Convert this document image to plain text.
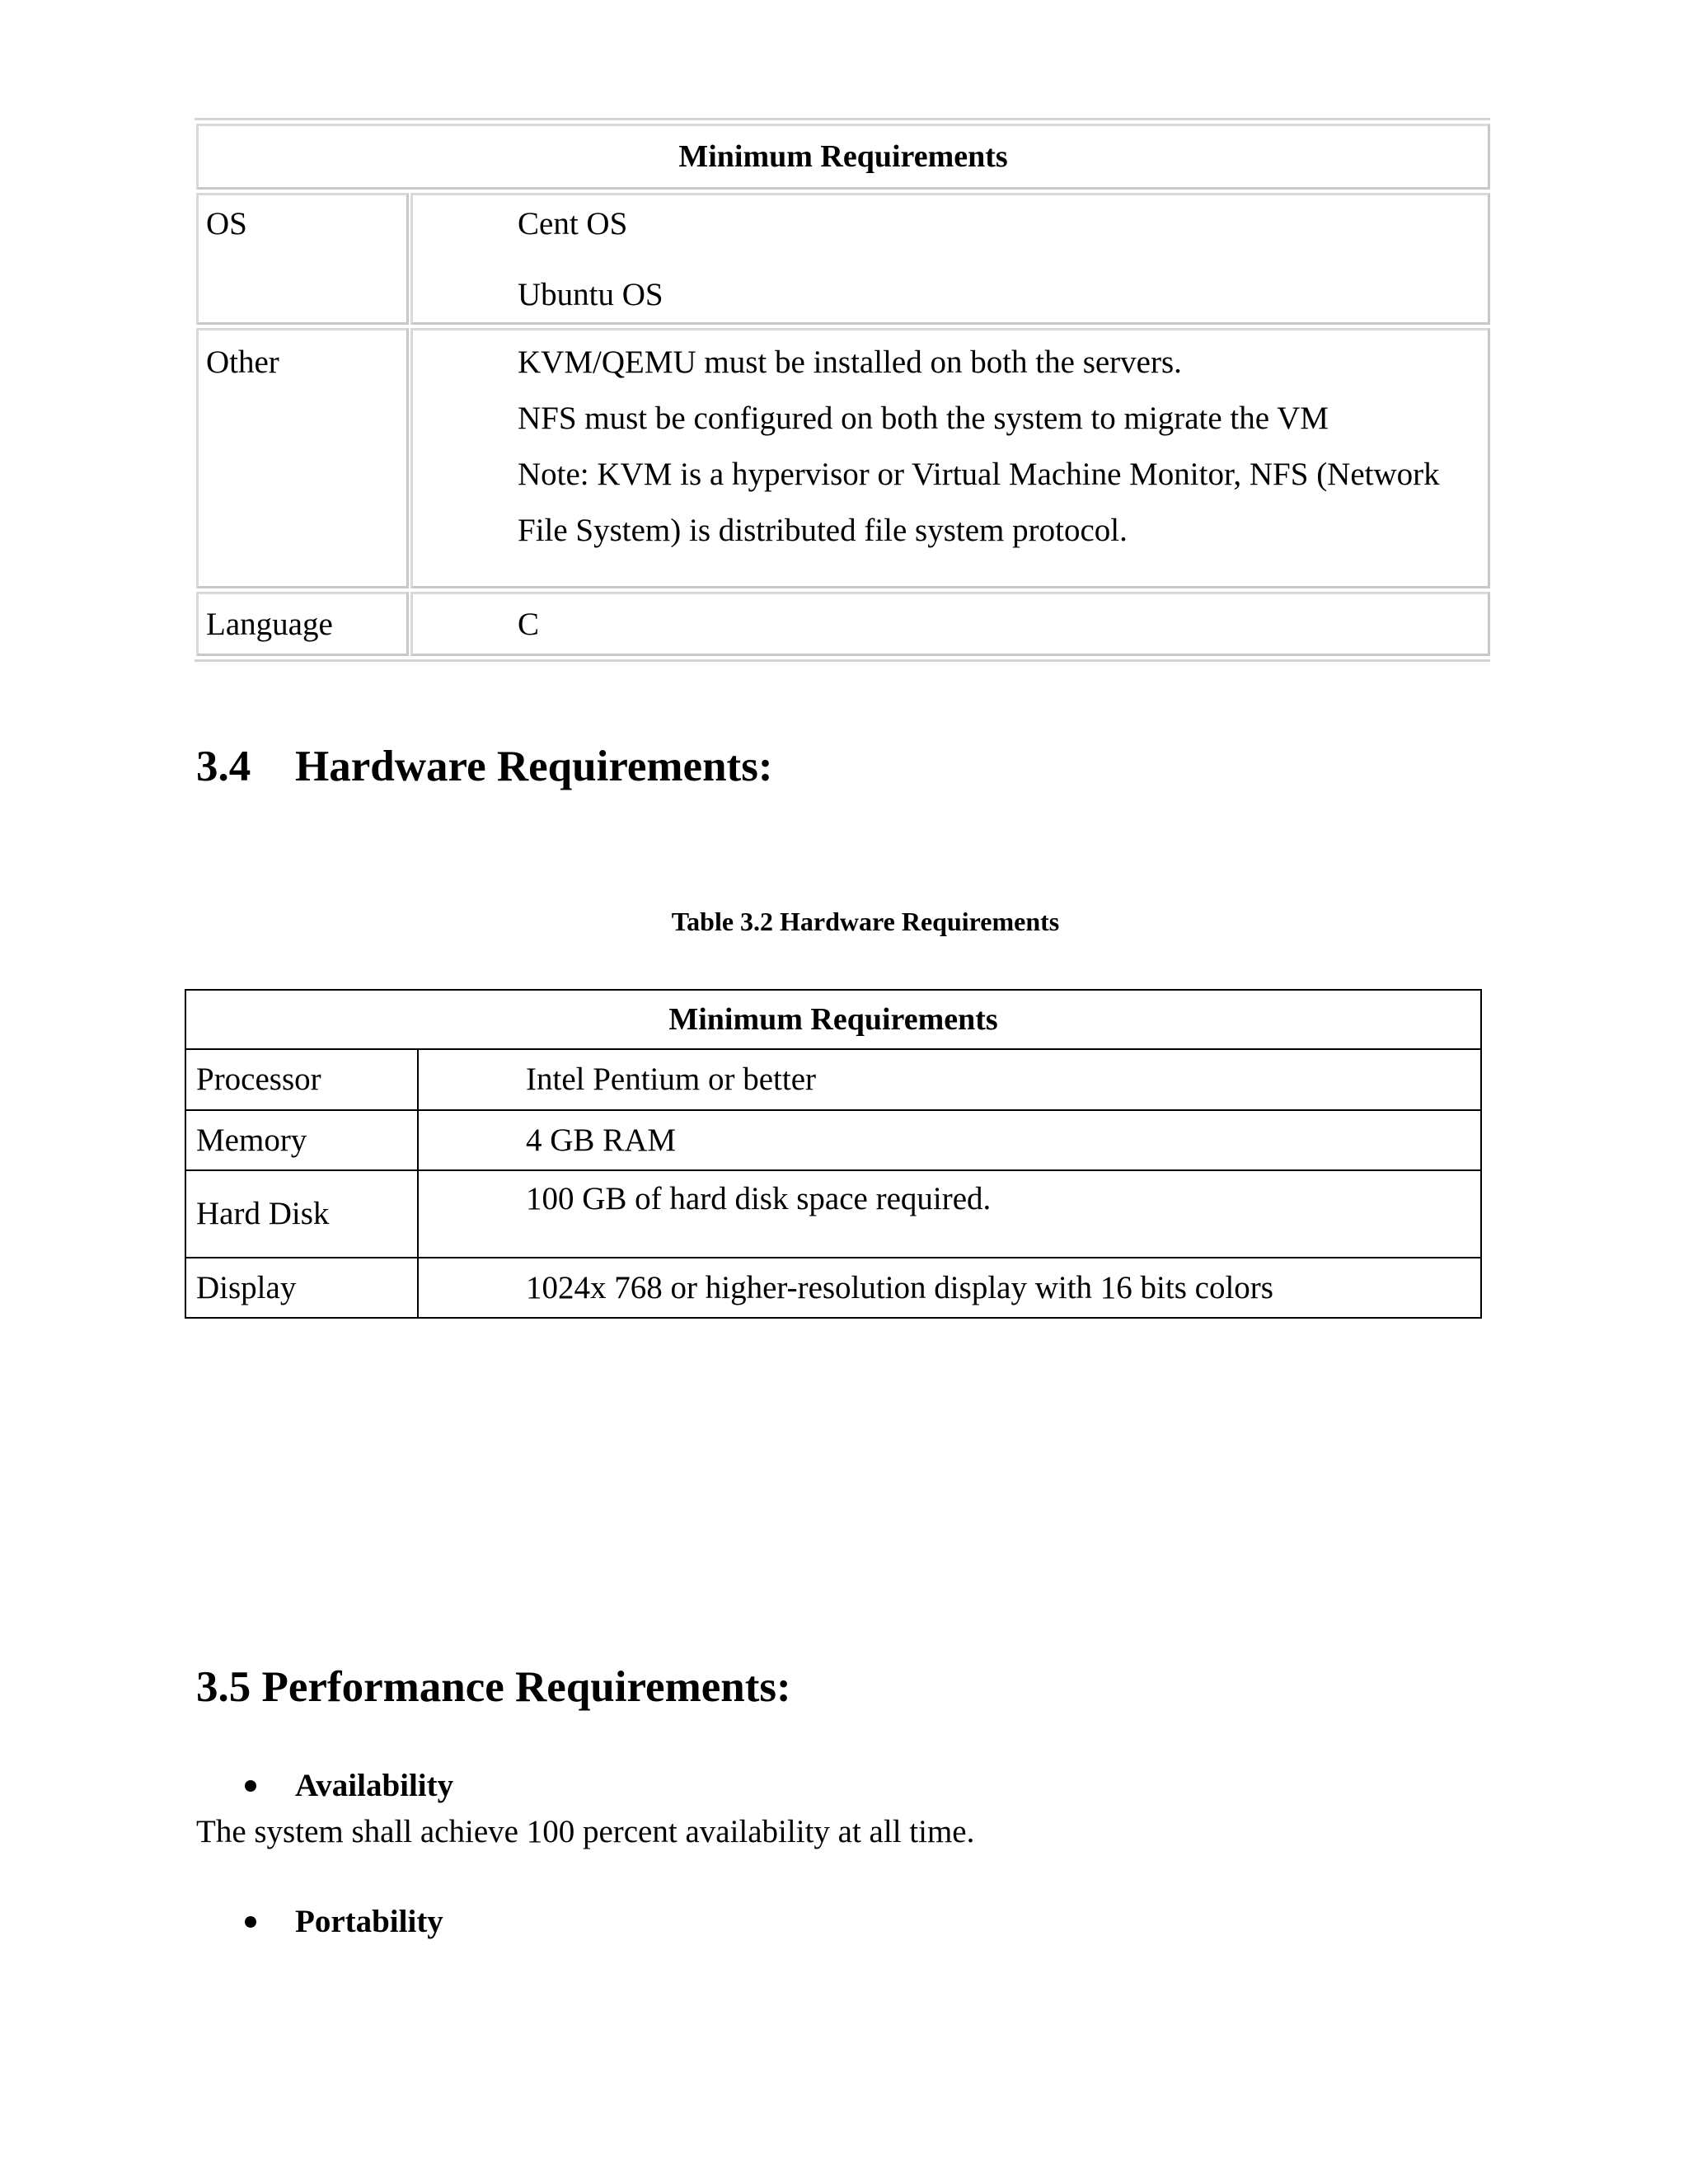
Minimum Requirements
OS	Cent OS
Ubuntu OS
Other	KVM/QEMU must be installed on both the servers.
NFS must be configured on both the system to migrate the VM
Note: KVM is a hypervisor or Virtual Machine Monitor, NFS (Network
File System) is distributed file system protocol.
Language	C
3.4 Hardware Requirements:
Table 3.2 Hardware Requirements
Minimum Requirements	
Processor	Intel Pentium or better
Memory	4 GB RAM
Hard Disk	100 GB of hard disk space required.
Display	1024x 768 or higher-resolution display with 16 bits colors
3.5 Performance Requirements:
Availability
The system shall achieve 100 percent availability at all time.
Portability
